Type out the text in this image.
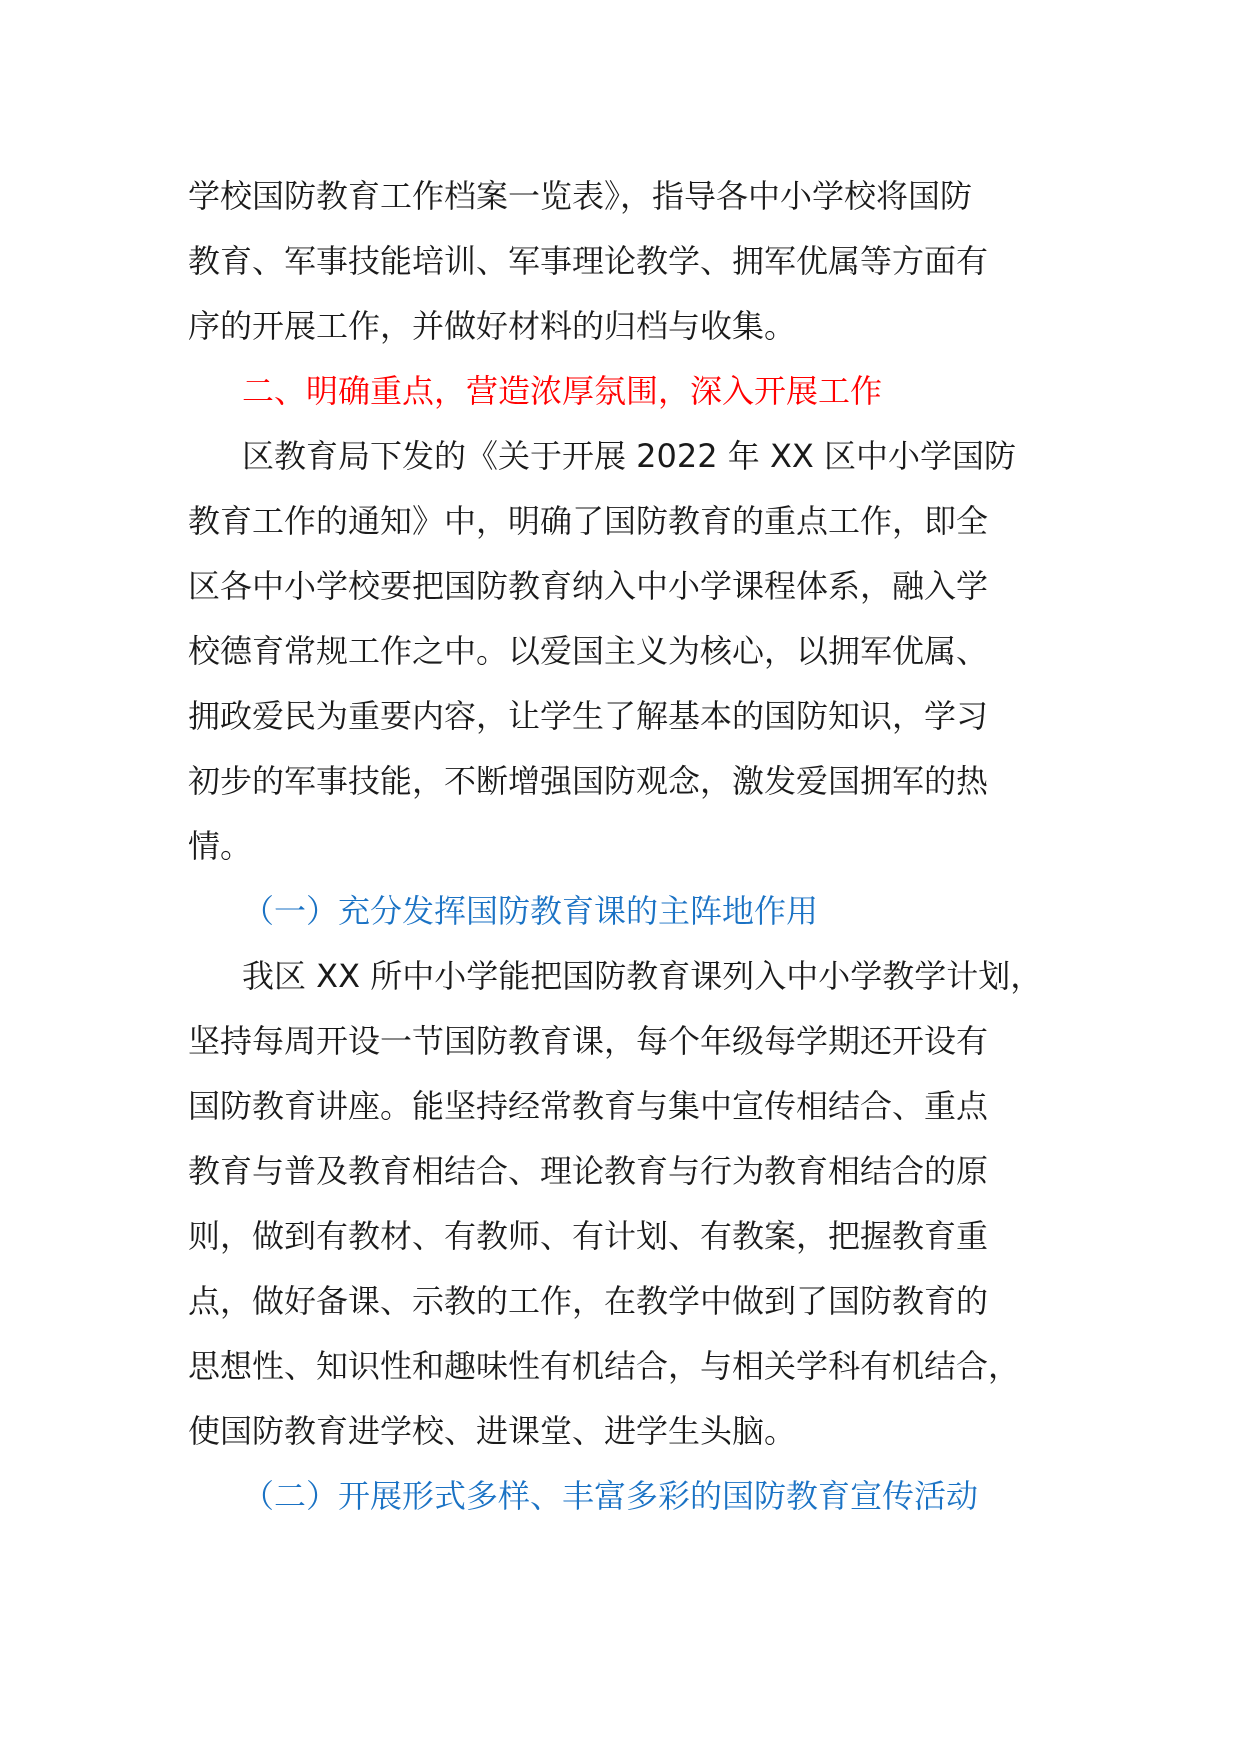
学校国防教育工作档案一览表》，指导各中小学校将国防
教育、军事技能培训、军事理论教学、拥军优属等方面有
序的开展工作，并做好材料的归档与收集。
二、明确重点，营造浓厚氛围，深入开展工作
区教育局下发的《关于开展 2022 年 XX 区中小学国防
教育工作的通知》中，明确了国防教育的重点工作，即全
区各中小学校要把国防教育纳入中小学课程体系，融入学
校德育常规工作之中。以爱国主义为核心，以拥军优属、
拥政爱民为重要内容，让学生了解基本的国防知识，学习
初步的军事技能，不断增强国防观念，激发爱国拥军的热
情。
（一）充分发挥国防教育课的主阵地作用
我区 XX 所中小学能把国防教育课列入中小学教学计划，
坚持每周开设一节国防教育课，每个年级每学期还开设有
国防教育讲座。能坚持经常教育与集中宣传相结合、重点
教育与普及教育相结合、理论教育与行为教育相结合的原
则，做到有教材、有教师、有计划、有教案，把握教育重
点，做好备课、示教的工作，在教学中做到了国防教育的
思想性、知识性和趣味性有机结合，与相关学科有机结合，
使国防教育进学校、进课堂、进学生头脑。
（二）开展形式多样、丰富多彩的国防教育宣传活动
